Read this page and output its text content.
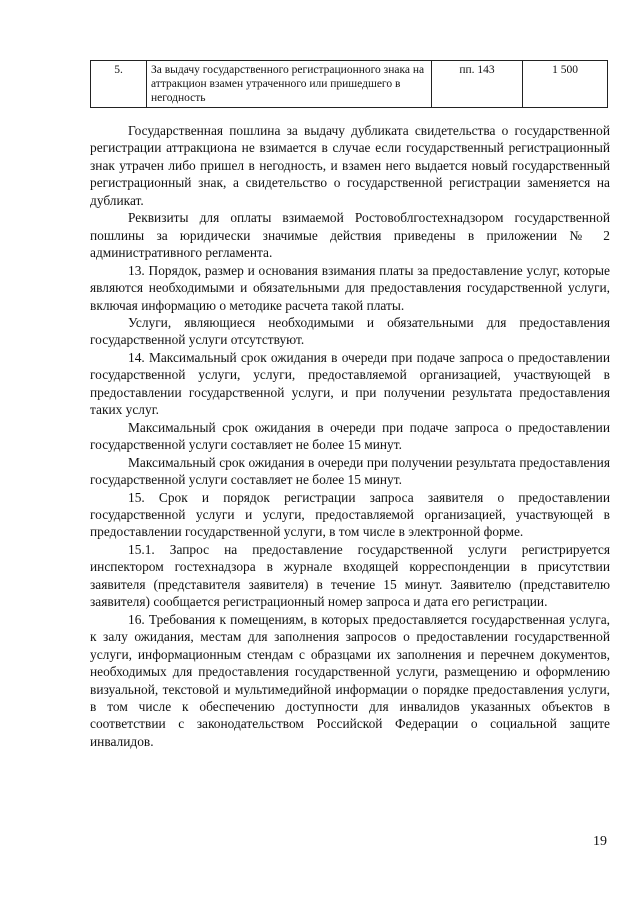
5.	За выдачу государственного регистрационного знака на аттракцион взамен утраченного или пришедшего в негодность	пп. 143	1 500

Государственная пошлина за выдачу дубликата свидетельства о государственной регистрации аттракциона не взимается в случае если государственный регистрационный знак утрачен либо пришел в негодность, и взамен него выдается новый государственный регистрационный знак, а свидетельство о государственной регистрации заменяется на дубликат.

Реквизиты для оплаты взимаемой Ростовоблгостехнадзором государственной пошлины за юридически значимые действия приведены в приложении № 2 административного регламента.

13. Порядок, размер и основания взимания платы за предоставление услуг, которые являются необходимыми и обязательными для предоставления государственной услуги, включая информацию о методике расчета такой платы.

Услуги, являющиеся необходимыми и обязательными для предоставления государственной услуги отсутствуют.

14. Максимальный срок ожидания в очереди при подаче запроса о предоставлении государственной услуги, услуги, предоставляемой организацией, участвующей в предоставлении государственной услуги, и при получении результата предоставления таких услуг.

Максимальный срок ожидания в очереди при подаче запроса о предоставлении государственной услуги составляет не более 15 минут.

Максимальный срок ожидания в очереди при получении результата предоставления государственной услуги составляет не более 15 минут.

15. Срок и порядок регистрации запроса заявителя о предоставлении государственной услуги и услуги, предоставляемой организацией, участвующей в предоставлении государственной услуги, в том числе в электронной форме.

15.1. Запрос на предоставление государственной услуги регистрируется инспектором гостехнадзора в журнале входящей корреспонденции в присутствии заявителя (представителя заявителя) в течение 15 минут. Заявителю (представителю заявителя) сообщается регистрационный номер запроса и дата его регистрации.

16. Требования к помещениям, в которых предоставляется государственная услуга, к залу ожидания, местам для заполнения запросов о предоставлении государственной услуги, информационным стендам с образцами их заполнения и перечнем документов, необходимых для предоставления государственной услуги, размещению и оформлению визуальной, текстовой и мультимедийной информации о порядке предоставления услуги, в том числе к обеспечению доступности для инвалидов указанных объектов в соответствии с законодательством Российской Федерации о социальной защите инвалидов.

19
